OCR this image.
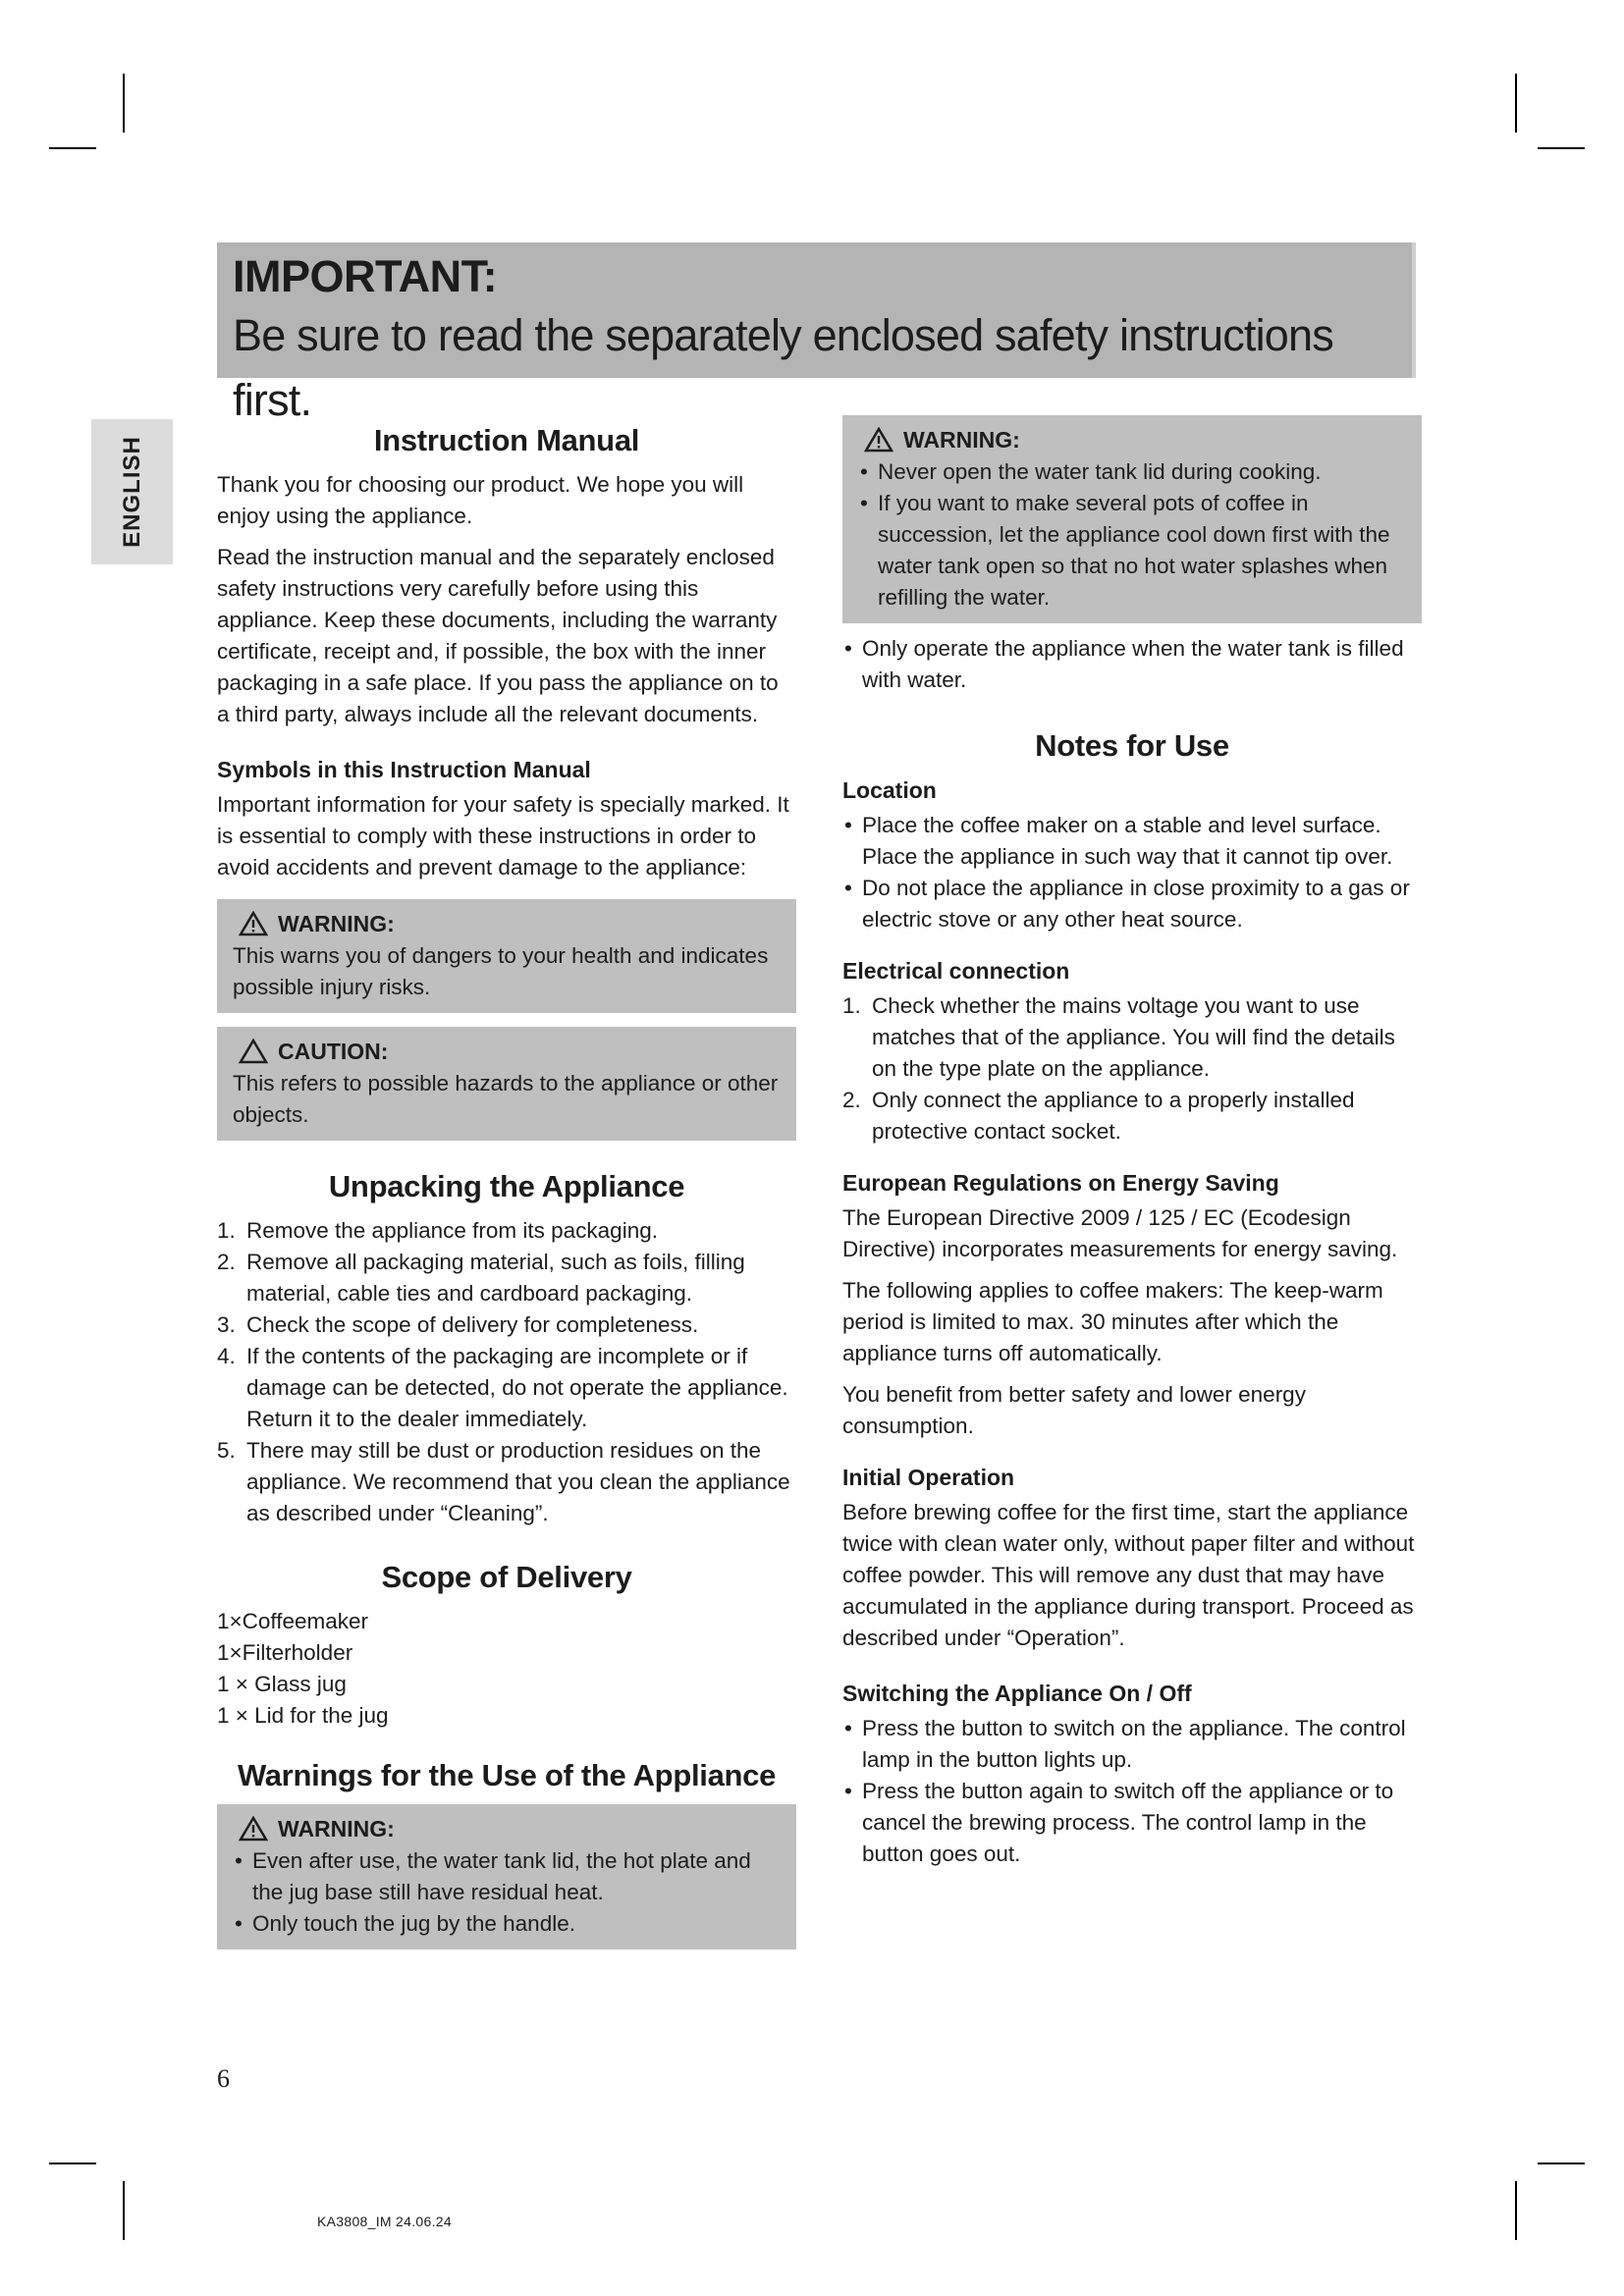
IMPORTANT:
Be sure to read the separately enclosed safety instructions first.
ENGLISH	Instruction Manual

Thank you for choosing our product. We hope you will enjoy using the appliance.

Read the instruction manual and the separately enclosed safety instructions very carefully before using this appliance. Keep these documents, including the warranty certificate, receipt and, if possible, the box with the inner packaging in a safe place. If you pass the appliance on to a third party, always include all the relevant documents.

Symbols in this Instruction Manual

Important information for your safety is specially marked. It is essential to comply with these instructions in order to avoid accidents and prevent damage to the appliance:

WARNING:
This warns you of dangers to your health and indicates possible injury risks.
CAUTION:
This refers to possible hazards to the appliance or other objects.
Unpacking the Appliance
1. Remove the appliance from its packaging.
2. Remove all packaging material, such as foils, filling material, cable ties and cardboard packaging.
3. Check the scope of delivery for completeness.
4. If the contents of the packaging are incomplete or if damage can be detected, do not operate the appliance. Return it to the dealer immediately.
5. There may still be dust or production residues on the appliance. We recommend that you clean the appliance as described under “Cleaning”.
Scope of Delivery
1×Coffeemaker
1×Filterholder
1 × Glass jug
1 × Lid for the jug
Warnings for the Use of the Appliance
WARNING:
• Even after use, the water tank lid, the hot plate and the jug base still have residual heat.
• Only touch the jug by the handle.
WARNING:
• Never open the water tank lid during cooking.
• If you want to make several pots of coffee in succession, let the appliance cool down first with the water tank open so that no hot water splashes when refilling the water.
• Only operate the appliance when the water tank is filled with water.
Notes for Use
Location
• Place the coffee maker on a stable and level surface. Place the appliance in such way that it cannot tip over.
• Do not place the appliance in close proximity to a gas or electric stove or any other heat source.
Electrical connection
1. Check whether the mains voltage you want to use matches that of the appliance. You will find the details on the type plate on the appliance.
2. Only connect the appliance to a properly installed protective contact socket.
European Regulations on Energy Saving

The European Directive 2009 / 125 / EC (Ecodesign Directive) incorporates measurements for energy saving.

The following applies to coffee makers: The keep-warm period is limited to max. 30 minutes after which the appliance turns off automatically.

You benefit from better safety and lower energy consumption.

Initial Operation

Before brewing coffee for the first time, start the appliance twice with clean water only, without paper filter and without coffee powder. This will remove any dust that may have accumulated in the appliance during transport. Proceed as described under “Operation”.

Switching the Appliance On / Off
• Press the button to switch on the appliance. The control lamp in the button lights up.
• Press the button again to switch off the appliance or to cancel the brewing process. The control lamp in the button goes out.
6
KA3808_IM 24.06.24
